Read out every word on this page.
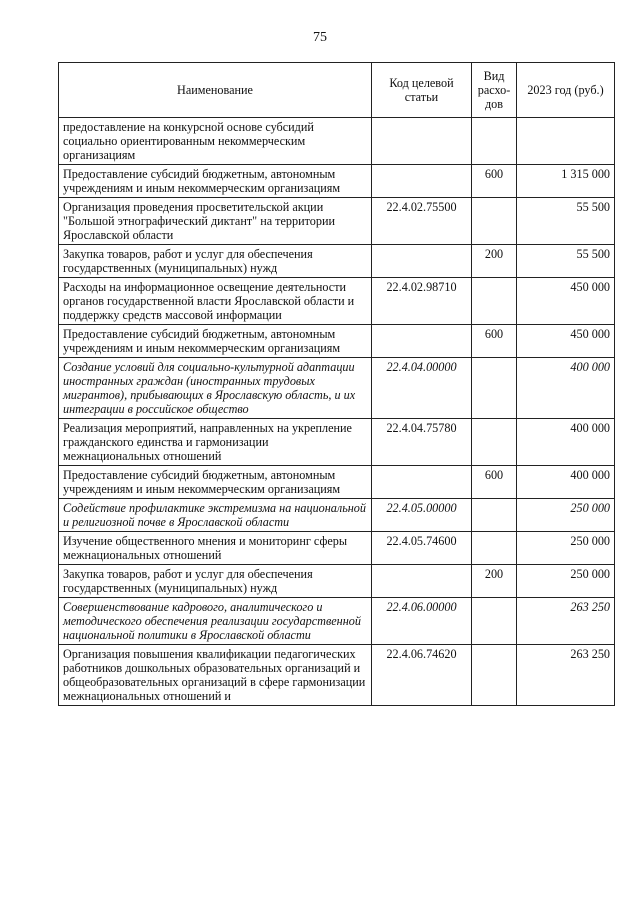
75
Наименование	Код целевой статьи	Вид расхо-дов	2023 год (руб.)
предоставление на конкурсной основе субсидий социально ориентированным некоммерческим организациям			
Предоставление субсидий бюджетным, автономным учреждениям и иным некоммерческим организациям		600	1 315 000
Организация проведения просветительской акции "Большой этнографический диктант" на территории Ярославской области	22.4.02.75500		55 500
Закупка товаров, работ и услуг для обеспечения государственных (муниципальных) нужд		200	55 500
Расходы на информационное освещение деятельности органов государственной власти Ярославской области и поддержку средств массовой информации	22.4.02.98710		450 000
Предоставление субсидий бюджетным, автономным учреждениям и иным некоммерческим организациям		600	450 000
Создание условий для социально-культурной адаптации иностранных граждан (иностранных трудовых мигрантов), прибывающих в Ярославскую область, и их интеграции в российское общество	22.4.04.00000		400 000
Реализация мероприятий, направленных на укрепление гражданского единства и гармонизации межнациональных отношений	22.4.04.75780		400 000
Предоставление субсидий бюджетным, автономным учреждениям и иным некоммерческим организациям		600	400 000
Содействие профилактике экстремизма на национальной и религиозной почве в Ярославской области	22.4.05.00000		250 000
Изучение общественного мнения и мониторинг сферы межнациональных отношений	22.4.05.74600		250 000
Закупка товаров, работ и услуг для обеспечения государственных (муниципальных) нужд		200	250 000
Совершенствование кадрового, аналитического и методического обеспечения реализации государственной национальной политики в Ярославской области	22.4.06.00000		263 250
Организация повышения квалификации педагогических работников дошкольных образовательных организаций и общеобразовательных организаций в сфере гармонизации межнациональных отношений и	22.4.06.74620		263 250
